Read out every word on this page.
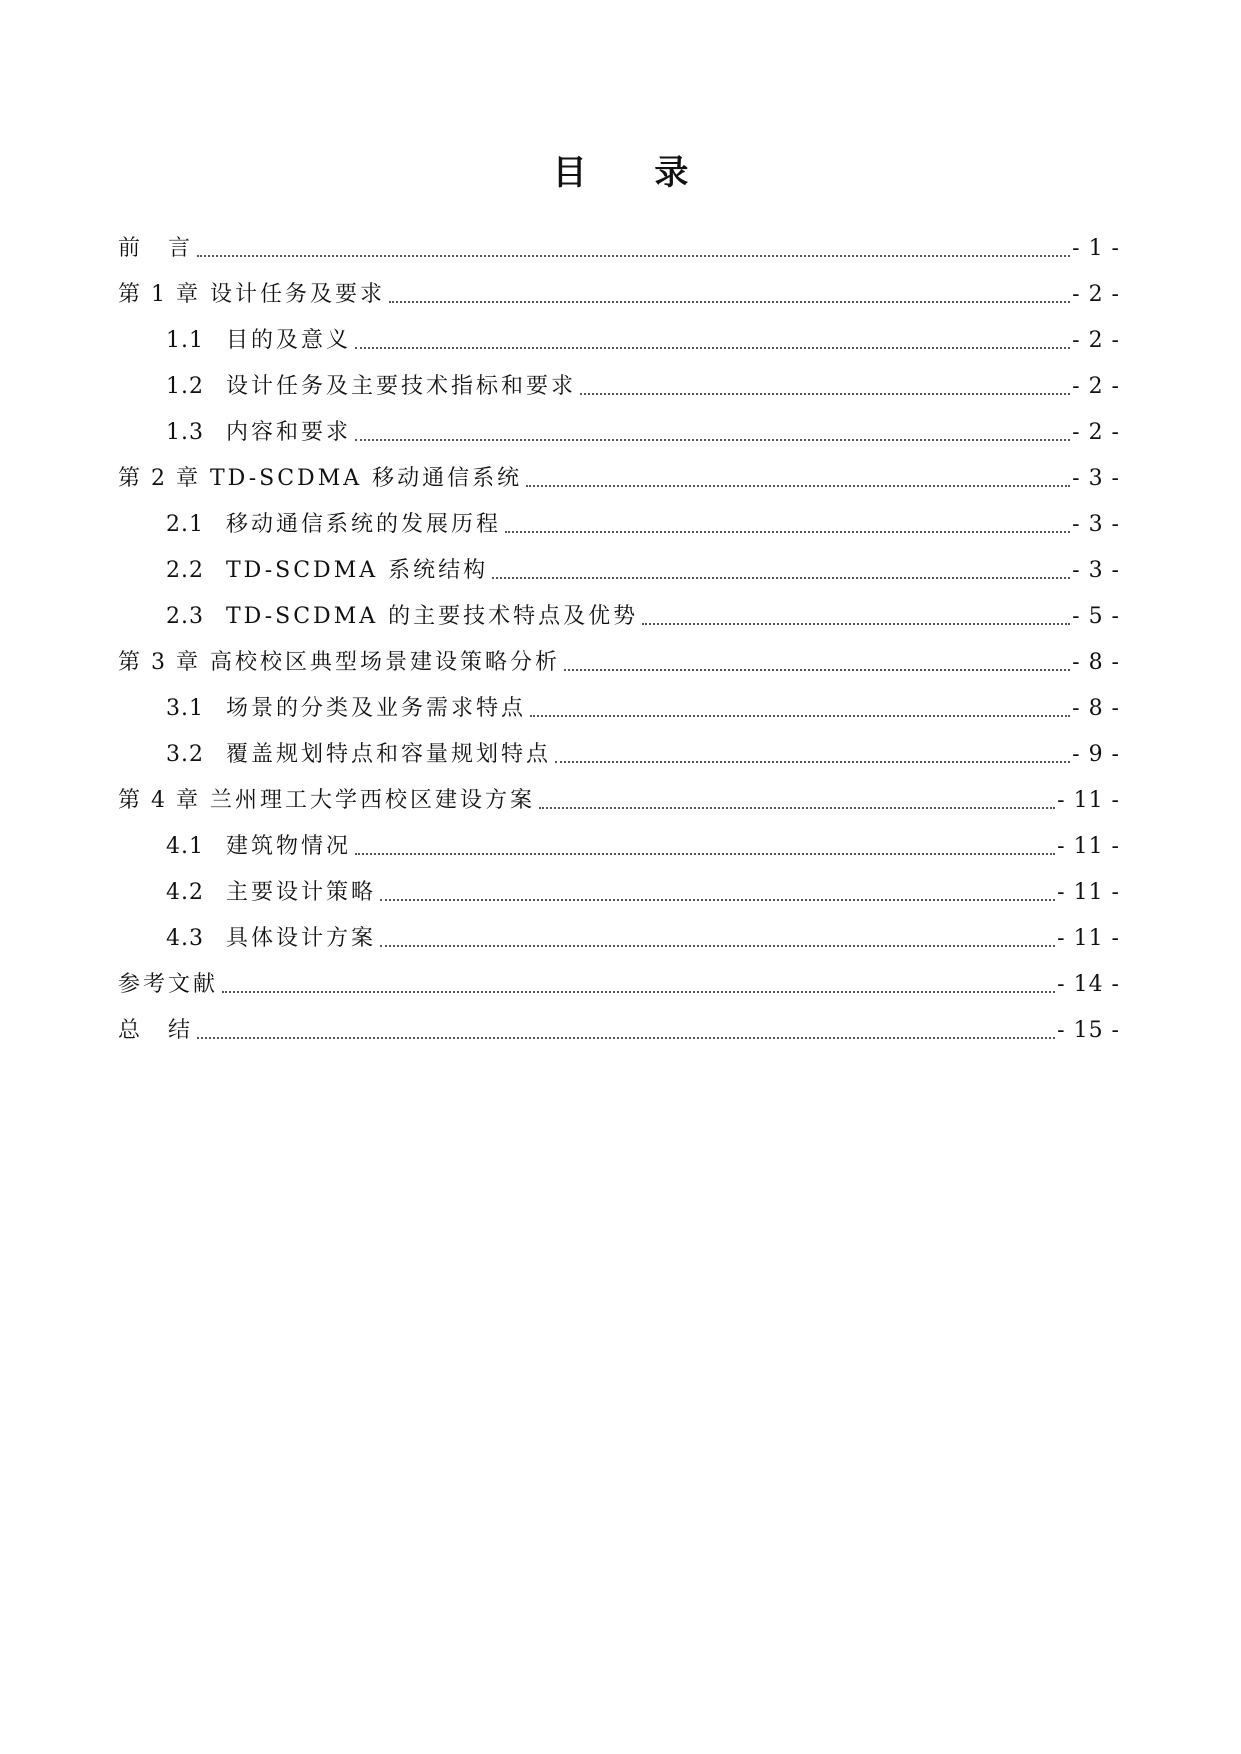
目 录
前　言	- 1 -
第 1 章 设计任务及要求	- 2 -
1.1	目的及意义	- 2 -
1.2	设计任务及主要技术指标和要求	- 2 -
1.3	内容和要求	- 2 -
第 2 章 TD-SCDMA 移动通信系统	- 3 -
2.1	移动通信系统的发展历程	- 3 -
2.2	TD-SCDMA 系统结构	- 3 -
2.3	TD-SCDMA 的主要技术特点及优势	- 5 -
第 3 章 高校校区典型场景建设策略分析	- 8 -
3.1	场景的分类及业务需求特点	- 8 -
3.2	覆盖规划特点和容量规划特点	- 9 -
第 4 章 兰州理工大学西校区建设方案	- 11 -
4.1	建筑物情况	- 11 -
4.2	主要设计策略	- 11 -
4.3	具体设计方案	- 11 -
参考文献	- 14 -
总　结	- 15 -
